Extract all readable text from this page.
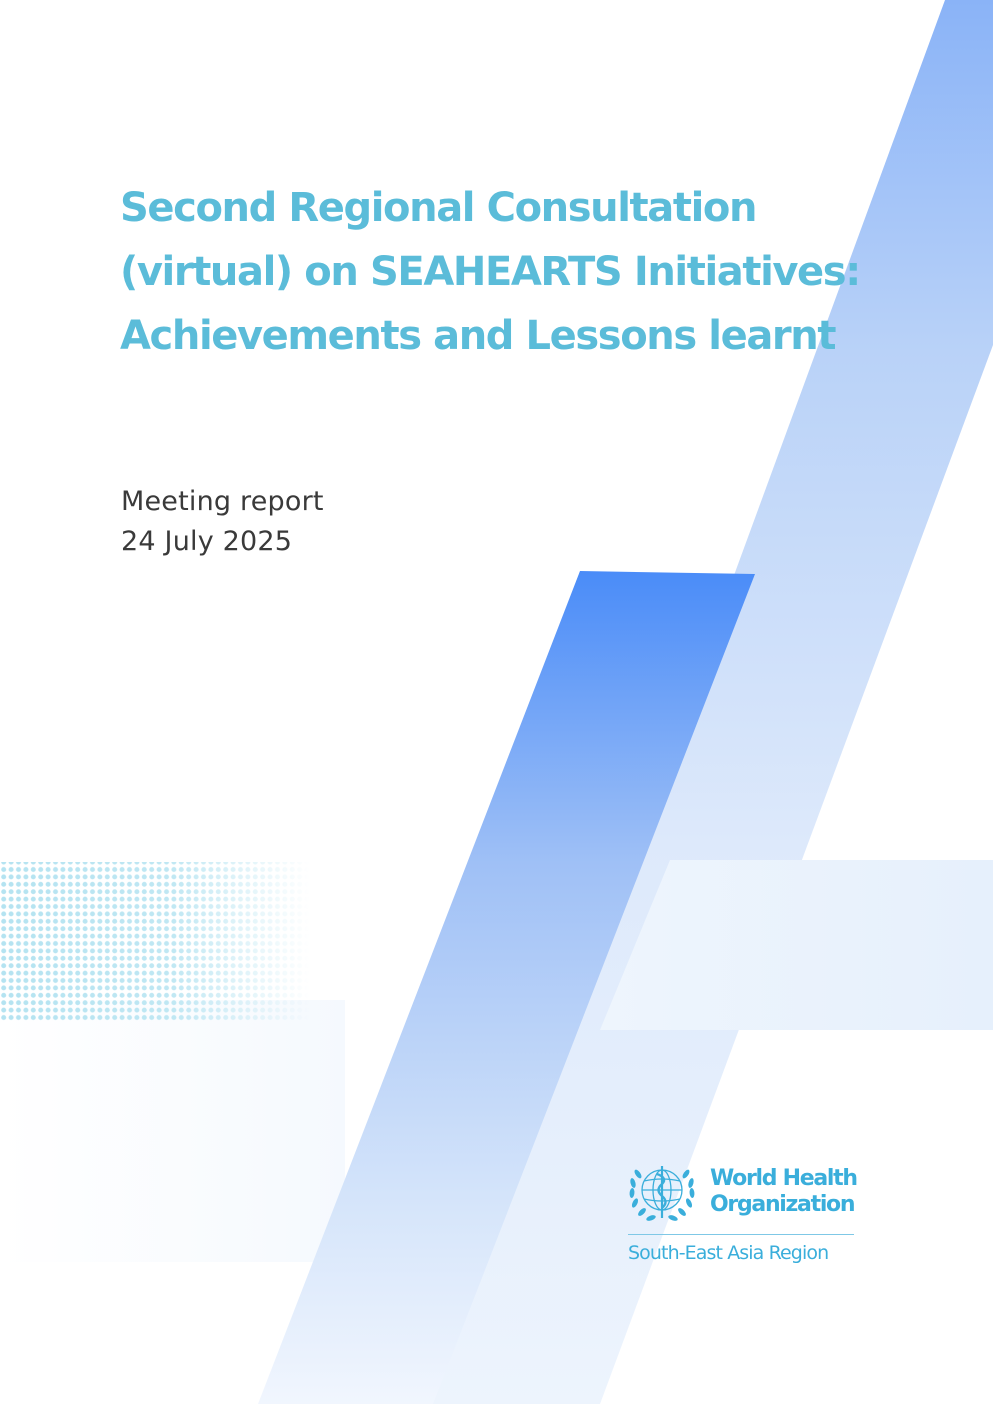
Second Regional Consultation
(virtual) on SEAHEARTS Initiatives:
Achievements and Lessons learnt
Meeting report
24 July 2025
World Health
Organization
South-East Asia Region
